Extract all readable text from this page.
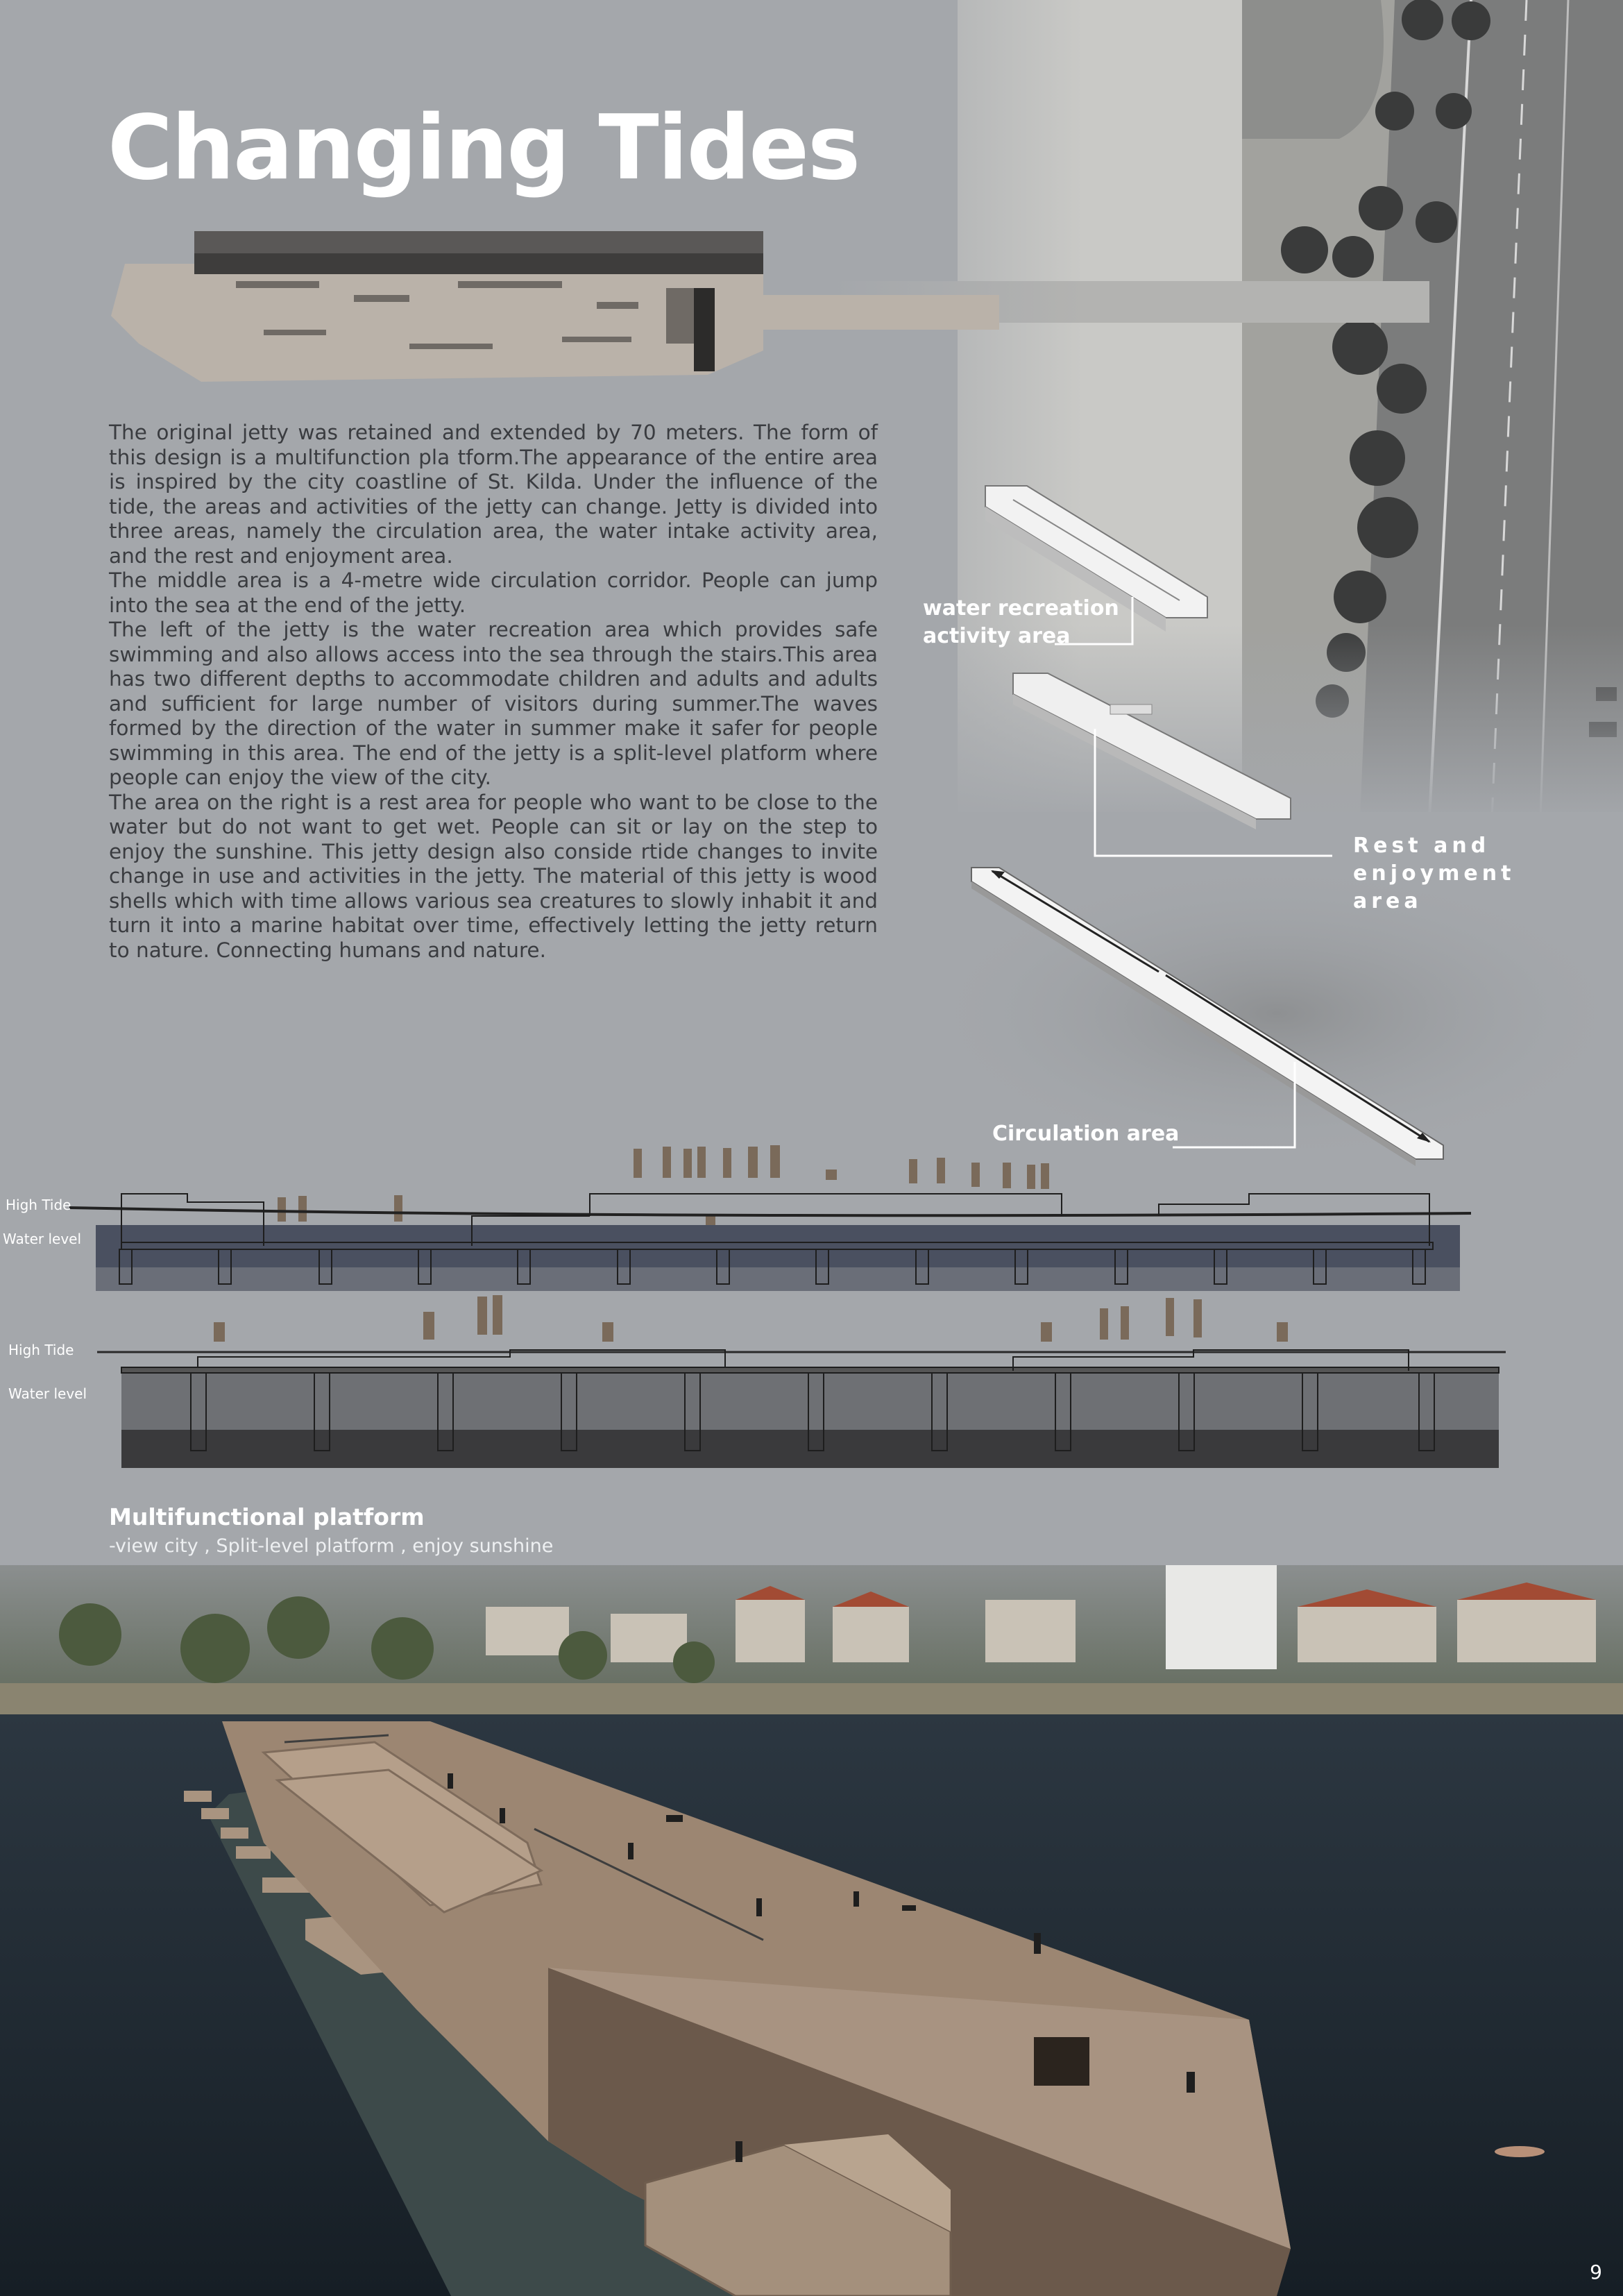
Changing Tides

The original jetty was retained and extended by 70 meters. The form of this design is a multifunction pla tform.The appearance of the entire area is inspired by the city coastline of St. Kilda. Under the influence of the tide, the areas and activities of the jetty can change. Jetty is divided into three areas, namely the circulation area, the water intake activity area, and the rest and enjoyment area.

The middle area is a 4-metre wide circulation corridor. People can jump into the sea at the end of the jetty.

The left of the jetty is the water recreation area which provides safe swimming and also allows access into the sea through the stairs.This area has two different depths to accommodate children and adults and adults and sufficient for large number of visitors during summer.The waves formed by the direction of the water in summer make it safer for people swimming in this area. The end of the jetty is a split-level platform where people can enjoy the view of the city.

The area on the right is a rest area for people who want to be close to the water but do not want to get wet. People can sit or lay on the step to enjoy the sunshine. This jetty design also conside rtide changes to invite change in use and activities in the jetty. The material of this jetty is wood shells which with time allows various sea creatures to slowly inhabit it and turn it into a marine habitat over time, effectively letting the jetty return to nature. Connecting humans and nature.

water recreation
activity area
Rest and
enjoyment
area
Circulation area
High Tide
Water level
High Tide
Water level
Multifunctional platform
-view city , Split-level platform , enjoy sunshine
9
